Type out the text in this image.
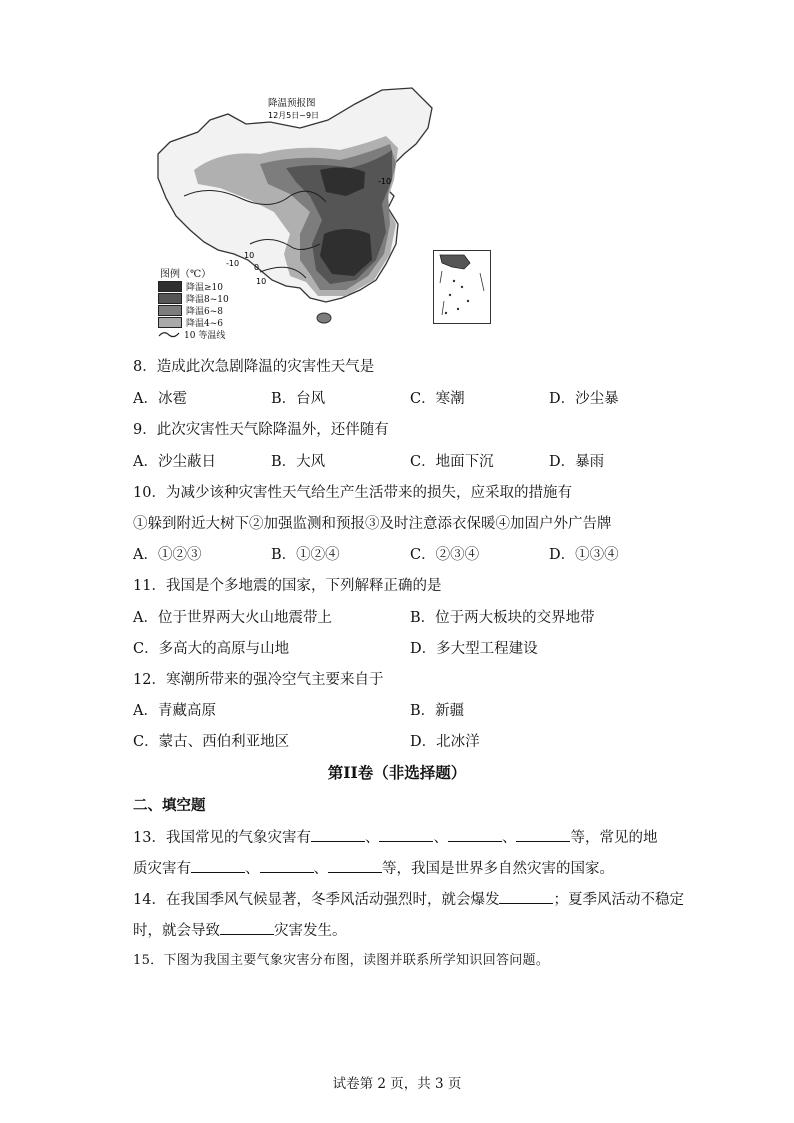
降温预报图
12月5日~9日
-10 0
10
-10
10
图例（℃）
降温≥10
降温8~10
降温6~8
降温4~6
10 等温线
8．造成此次急剧降温的灾害性天气是
A．冰雹	B．台风	C．寒潮	D．沙尘暴
9．此次灾害性天气除降温外，还伴随有
A．沙尘蔽日	B．大风	C．地面下沉	D．暴雨
10．为减少该种灾害性天气给生产生活带来的损失，应采取的措施有
①躲到附近大树下②加强监测和预报③及时注意添衣保暖④加固户外广告牌
A．①②③	B．①②④	C．②③④	D．①③④
11．我国是个多地震的国家，下列解释正确的是
A．位于世界两大火山地震带上	B．位于两大板块的交界地带
C．多高大的高原与山地	D．多大型工程建设
12．寒潮所带来的强冷空气主要来自于
A．青藏高原	B．新疆
C．蒙古、西伯利亚地区	D．北冰洋
第II卷（非选择题）
二、填空题
13．我国常见的气象灾害有	、	、	、	等，常见的地
质灾害有	、	、	等，我国是世界多自然灾害的国家。
14．在我国季风气候显著，冬季风活动强烈时，就会爆发	；夏季风活动不稳定
时，就会导致	灾害发生。
15．下图为我国主要气象灾害分布图，读图并联系所学知识回答问题。
试卷第 2 页，共 3 页
